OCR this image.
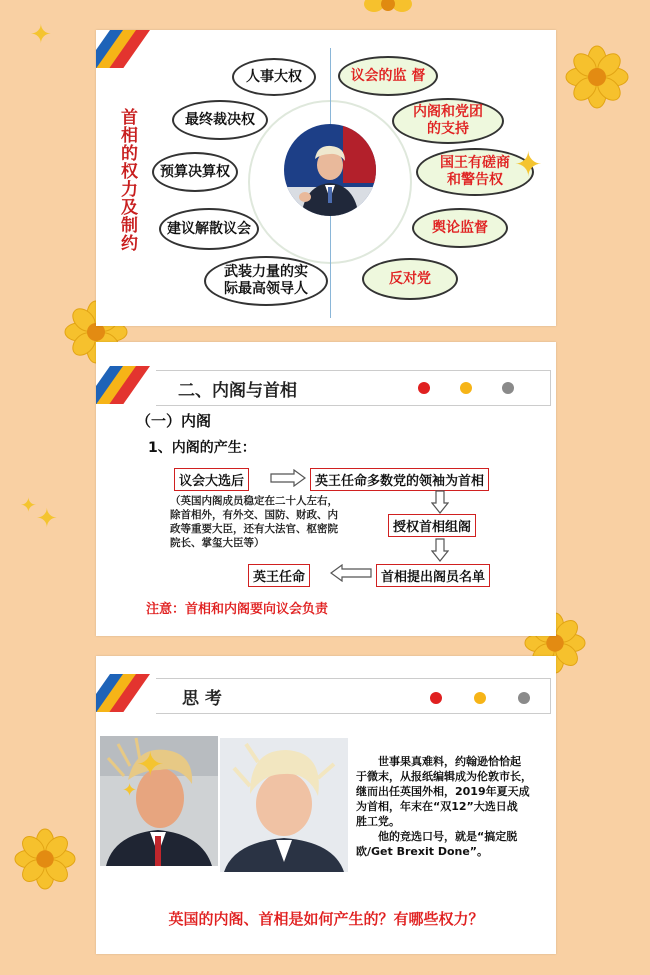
✦
✦ ✦
首相的权力及制约
人事大权
最终裁决权
预算决算权
建议解散议会
武装力量的实
际最高领导人
议会的监 督
内阁和党团
的支持
国王有磋商
和警告权
舆论监督
反对党
✦
二、内阁与首相
（一）内阁
1、内阁的产生：
议会大选后	英王任命多数党的领袖为首相
（英国内阁成员稳定在二十人左右，
除首相外，有外交、国防、财政、内
政等重要大臣，还有大法官、枢密院
院长、掌玺大臣等）
授权首相组阁
首相提出阁员名单
英王任命
注意：首相和内阁要向议会负责
思 考
✦
✦
世事果真难料，约翰逊恰恰起
于微末，从报纸编辑成为伦敦市长，
继而出任英国外相，2019年夏天成
为首相，年末在“双12”大选日战
胜工党。
他的竞选口号，就是“搞定脱
欧/Get Brexit Done”。
英国的内阁、首相是如何产生的？有哪些权力？
